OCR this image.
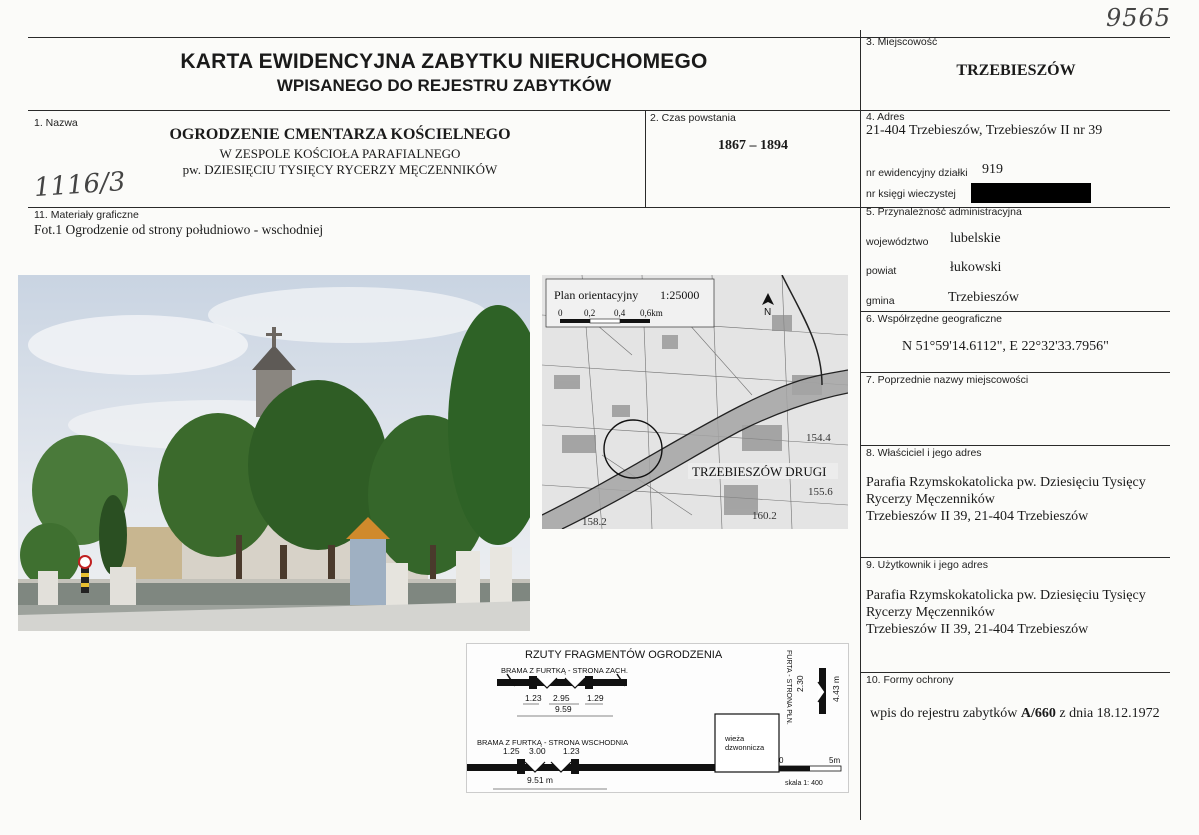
9565
KARTA EWIDENCYJNA ZABYTKU NIERUCHOMEGO
WPISANEGO DO REJESTRU ZABYTKÓW
3. Miejscowość
TRZEBIESZÓW
1. Nazwa
OGRODZENIE CMENTARZA KOŚCIELNEGO
W ZESPOLE KOŚCIOŁA PARAFIALNEGO
pw. DZIESIĘCIU TYSIĘCY RYCERZY MĘCZENNIKÓW
1116/3
2. Czas powstania
1867 – 1894
4. Adres
21-404 Trzebieszów, Trzebieszów II nr 39
nr ewidencyjny działki 919
nr księgi wieczystej
11. Materiały graficzne
Fot.1 Ogrodzenie od strony południowo - wschodniej
Plan orientacyjny 1:25000
0 0,2 0,4 0,6km	N
TRZEBIESZÓW DRUGI
154.4
155.6
160.2
158.2
RZUTY FRAGMENTÓW OGRODZENIA
BRAMA Z FURTKĄ - STRONA ZACH.
1.23 2.95 1.29
9.59
BRAMA Z FURTKĄ - STRONA WSCHODNIA
1.25 3.00 1.23
9.51 m
wieża
dzwonnicza
FURTA - STRONA PŁN. 2.30	4.43 m
0	5m
skala 1: 400
5. Przynależność administracyjna
województwo lubelskie
powiat	łukowski
gmina	Trzebieszów
6. Współrzędne geograficzne
N 51°59'14.6112", E 22°32'33.7956"
7. Poprzednie nazwy miejscowości
8. Właściciel i jego adres
Parafia Rzymskokatolicka pw. Dziesięciu Tysięcy
Rycerzy Męczenników
Trzebieszów II 39, 21-404 Trzebieszów
9. Użytkownik i jego adres
Parafia Rzymskokatolicka pw. Dziesięciu Tysięcy
Rycerzy Męczenników
Trzebieszów II 39, 21-404 Trzebieszów
10. Formy ochrony
wpis do rejestru zabytków A/660 z dnia 18.12.1972
